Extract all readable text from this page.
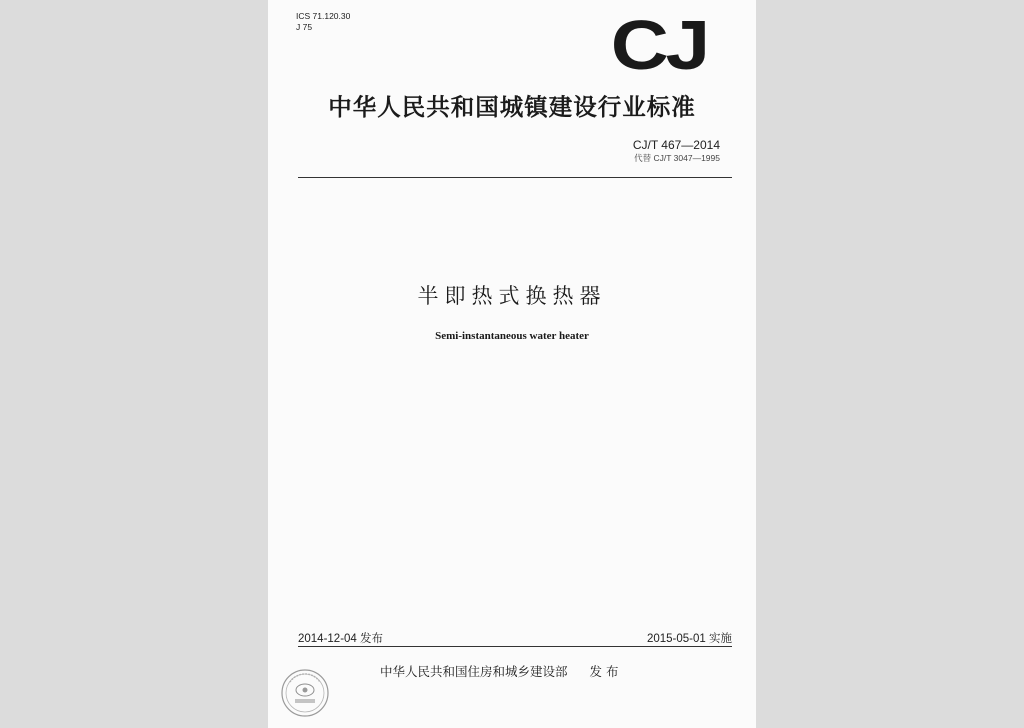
ICS 71.120.30
J 75	CJ
中华人民共和国城镇建设行业标准
CJ/T 467—2014
代替 CJ/T 3047—1995
半即热式换热器
Semi-instantaneous water heater
2014-12-04 发布	2015-05-01 实施
中华人民共和国住房和城乡建设部 发 布
